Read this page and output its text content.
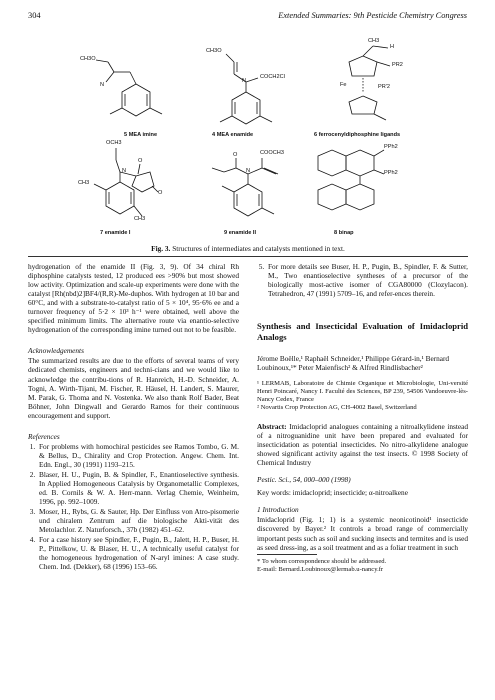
304	Extended Summaries: 9th Pesticide Chemistry Congress
CH3O
N
CH3O
N
COCH2Cl
CH3
H
PR2
Fe	PR'2
OCH3
CH3
CH3
N
O
O
COOCH3
O
N
PPh2
PPh2
5 MEA imine	4 MEA enamide	6 ferrocenyldiphosphine ligands
7 enamide I	9 enamide II	8 binap
Fig. 3. Structures of intermediates and catalysts mentioned in text.

hydrogenation of the enamide II (Fig. 3, 9). Of 34 chiral Rh diphosphine catalysts tested, 12 produced ees >90% but most showed low activity. Optimization and scale-up experiments were done with the catalyst [Rh(nbd)2]BF4/(R,R)-Me-duphos. With hydrogen at 10 bar and 60°C, and with a substrate-to-catalyst ratio of 5 × 10⁴, 95·6% ee and a turnover frequency of 5·2 × 10³ h⁻¹ were obtained, well above the specified minimum limits. The alternative route via enantio-selective hydrogenation of the corresponding imine turned out not to be feasible.

Acknowledgements

The summarized results are due to the efforts of several teams of very dedicated chemists, engineers and techni-cians and we would like to acknowledge the contribu-tions of R. Hanreich, H.-D. Schneider, A. Togni, A. Wirth-Tijani, M. Fischer, R. Häusel, H. Landert, S. Maurer, M. Parak, G. Thoma and N. Vostenka. We also thank Rolf Bader, Beat Böhner, John Dingwall and Gerardo Ramos for their continuous encouragement and support.

References

1. For problems with homochiral pesticides see Ramos Tombo, G. M. & Bellus, D., Chirality and Crop Protection. Angew. Chem. Int. Edn. Engl., 30 (1991) 1193–215.
2. Blaser, H. U., Pugin, B. & Spindler, F., Enantioselective synthesis. In Applied Homogeneous Catalysis by Organometallic Complexes, ed. B. Cornils & W. A. Herr-mann. Verlag Chemie, Weinheim, 1996, pp. 992–1009.
3. Moser, H., Rybs, G. & Sauter, Hp. Der Einfluss von Atro-pisomerie und chiralem Zentrum auf die biologische Akti-vität des Metolachlor. Z. Naturforsch., 37b (1982) 451–62.
4. For a case history see Spindler, F., Pugin, B., Jalett, H. P., Buser, H. P., Pittelkow, U. & Blaser, H. U., A technically useful catalyst for the homogeneous hydrogenation of N-aryl imines: A case study. Chem. Ind. (Dekker), 68 (1996) 153–66.
5. For more details see Buser, H. P., Pugin, B., Spindler, F. & Sutter, M., Two enantioselective syntheses of a precursor of the biologically most-active isomer of CGA80000 (Clozylacon). Tetrahedron, 47 (1991) 5709–16, and refer-ences therein.

Synthesis and Insecticidal Evaluation of Imidacloprid Analogs

Jérome Boëlle,¹ Raphaël Schneider,¹ Philippe Gérard-in,¹ Bernard Loubinoux,¹* Peter Maienfisch² & Alfred Rindlisbacher²

¹ LERMAB, Laboratoire de Chimie Organique et Microbiologie, Uni-versité Henri Poincaré, Nancy I. Faculté des Sciences, BP 239, 54506 Vandoeuvre-lès-Nancy Cedex, France

² Novartis Crop Protection AG, CH-4002 Basel, Switzerland

Abstract: Imidacloprid analogues containing a nitroalkylidene instead of a nitroguanidine unit have been prepared and evaluated for insecticidation as potential insecticides. No nitro-alkylidene analogue showed significant activity against the test insects. © 1998 Society of Chemical Industry

Pestic. Sci., 54, 000–000 (1998)

Key words: imidacloprid; insecticide; α-nitroalkene

1 Introduction

Imidacloprid (Fig. 1; 1) is a systemic neonicotinoid¹ insecticide discovered by Bayer.² It controls a broad range of commercially important pests such as soil and sucking insects and termites and is used as seed dress-ing, as a soil treatment and as a foliar treatment in such

* To whom correspondence should be addressed.

E-mail: Bernard.Loubinoux@lermab.u-nancy.fr
